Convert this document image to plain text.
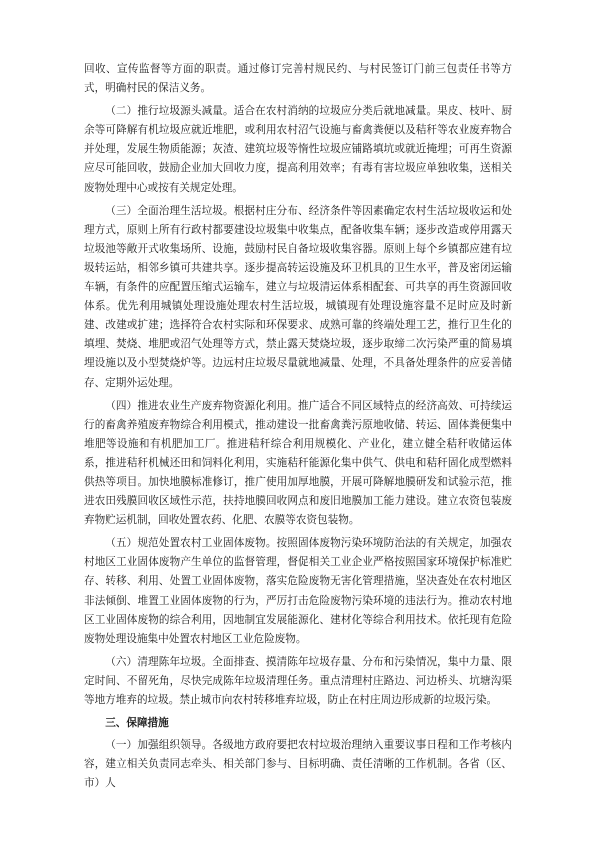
回收、宣传监督等方面的职责。通过修订完善村规民约、与村民签订门前三包责任书等方式，明确村民的保洁义务。

（二）推行垃圾源头减量。适合在农村消纳的垃圾应分类后就地减量。果皮、枝叶、厨余等可降解有机垃圾应就近堆肥，或利用农村沼气设施与畜禽粪便以及秸秆等农业废弃物合并处理，发展生物质能源；灰渣、建筑垃圾等惰性垃圾应铺路填坑或就近掩埋；可再生资源应尽可能回收，鼓励企业加大回收力度，提高利用效率；有毒有害垃圾应单独收集，送相关废物处理中心或按有关规定处理。

（三）全面治理生活垃圾。根据村庄分布、经济条件等因素确定农村生活垃圾收运和处理方式，原则上所有行政村都要建设垃圾集中收集点，配备收集车辆；逐步改造或停用露天垃圾池等敞开式收集场所、设施，鼓励村民自备垃圾收集容器。原则上每个乡镇都应建有垃圾转运站，相邻乡镇可共建共享。逐步提高转运设施及环卫机具的卫生水平，普及密闭运输车辆，有条件的应配置压缩式运输车，建立与垃圾清运体系相配套、可共享的再生资源回收体系。优先利用城镇处理设施处理农村生活垃圾，城镇现有处理设施容量不足时应及时新建、改建或扩建；选择符合农村实际和环保要求、成熟可靠的终端处理工艺，推行卫生化的填埋、焚烧、堆肥或沼气处理等方式，禁止露天焚烧垃圾，逐步取缔二次污染严重的简易填埋设施以及小型焚烧炉等。边远村庄垃圾尽量就地减量、处理，不具备处理条件的应妥善储存、定期外运处理。

（四）推进农业生产废弃物资源化利用。推广适合不同区域特点的经济高效、可持续运行的畜禽养殖废弃物综合利用模式，推动建设一批畜禽粪污原地收储、转运、固体粪便集中堆肥等设施和有机肥加工厂。推进秸秆综合利用规模化、产业化，建立健全秸秆收储运体系，推进秸秆机械还田和饲料化利用，实施秸秆能源化集中供气、供电和秸秆固化成型燃料供热等项目。加快地膜标准修订，推广使用加厚地膜，开展可降解地膜研发和试验示范，推进农田残膜回收区域性示范，扶持地膜回收网点和废旧地膜加工能力建设。建立农资包装废弃物贮运机制，回收处置农药、化肥、农膜等农资包装物。

（五）规范处置农村工业固体废物。按照固体废物污染环境防治法的有关规定，加强农村地区工业固体废物产生单位的监督管理，督促相关工业企业严格按照国家环境保护标准贮存、转移、利用、处置工业固体废物，落实危险废物无害化管理措施，坚决查处在农村地区非法倾倒、堆置工业固体废物的行为，严厉打击危险废物污染环境的违法行为。推动农村地区工业固体废物的综合利用，因地制宜发展能源化、建材化等综合利用技术。依托现有危险废物处理设施集中处置农村地区工业危险废物。

（六）清理陈年垃圾。全面排查、摸清陈年垃圾存量、分布和污染情况，集中力量、限定时间、不留死角，尽快完成陈年垃圾清理任务。重点清理村庄路边、河边桥头、坑塘沟渠等地方堆弃的垃圾。禁止城市向农村转移堆弃垃圾，防止在村庄周边形成新的垃圾污染。

三、保障措施

（一）加强组织领导。各级地方政府要把农村垃圾治理纳入重要议事日程和工作考核内容，建立相关负责同志牵头、相关部门参与、目标明确、责任清晰的工作机制。各省（区、市）人
